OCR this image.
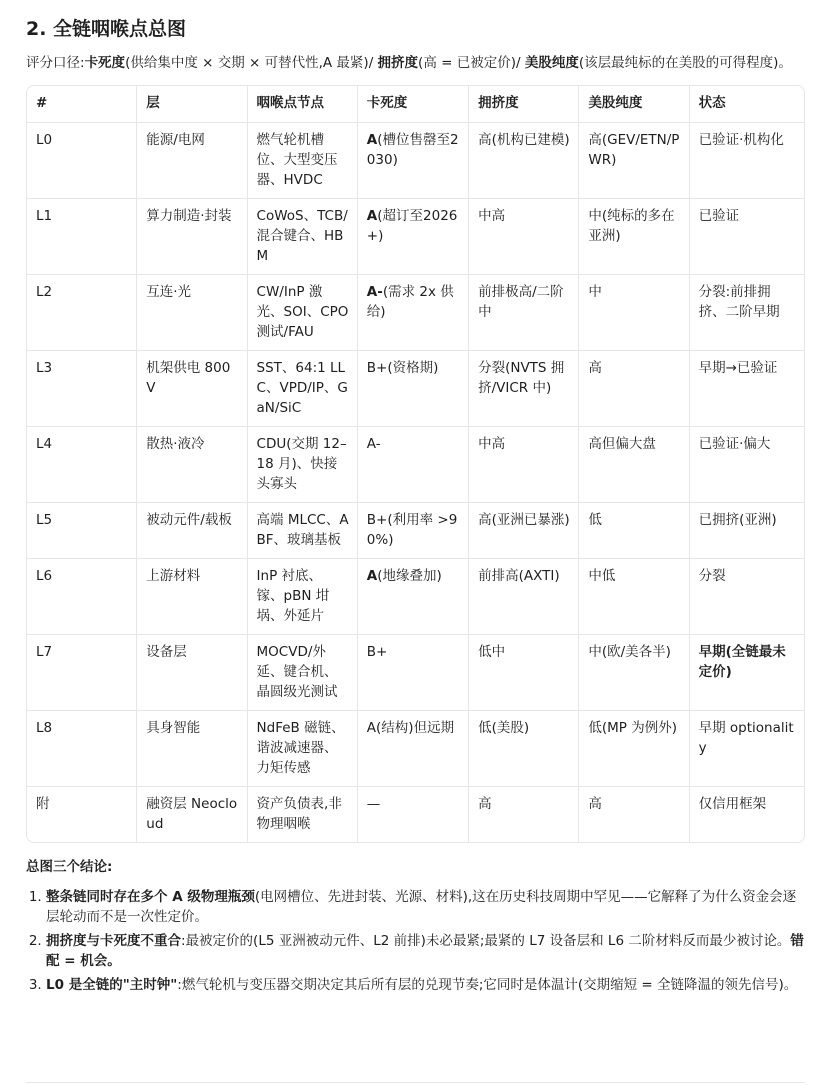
2. 全链咽喉点总图

评分口径:卡死度(供给集中度 × 交期 × 可替代性,A 最紧)/ 拥挤度(高 = 已被定价)/ 美股纯度(该层最纯标的在美股的可得程度)。

#	层	咽喉点节点	卡死度	拥挤度	美股纯度	状态
L0	能源/电网	燃气轮机槽位、大型变压器、HVDC	A(槽位售罄至2030)	高(机构已建模)	高(GEV/ETN/PWR)	已验证·机构化
L1	算力制造·封装	CoWoS、TCB/混合键合、HBM	A(超订至2026+)	中高	中(纯标的多在亚洲)	已验证
L2	互连·光	CW/InP 激光、SOI、CPO 测试/FAU	A-(需求 2x 供给)	前排极高/二阶中	中	分裂:前排拥挤、二阶早期
L3	机架供电 800V	SST、64:1 LLC、VPD/IP、GaN/SiC	B+(资格期)	分裂(NVTS 拥挤/VICR 中)	高	早期→已验证
L4	散热·液冷	CDU(交期 12–18 月)、快接头寡头	A-	中高	高但偏大盘	已验证·偏大
L5	被动元件/载板	高端 MLCC、ABF、玻璃基板	B+(利用率 >90%)	高(亚洲已暴涨)	低	已拥挤(亚洲)
L6	上游材料	InP 衬底、镓、pBN 坩埚、外延片	A(地缘叠加)	前排高(AXTI)	中低	分裂
L7	设备层	MOCVD/外延、键合机、晶圆级光测试	B+	低中	中(欧/美各半)	早期(全链最未定价)
L8	具身智能	NdFeB 磁链、谐波减速器、力矩传感	A(结构)但远期	低(美股)	低(MP 为例外)	早期 optionality
附	融资层 Neocloud	资产负债表,非物理咽喉	—	高	高	仅信用框架
总图三个结论:
1. 整条链同时存在多个 A 级物理瓶颈(电网槽位、先进封装、光源、材料),这在历史科技周期中罕见——它解释了为什么资金会逐层轮动而不是一次性定价。
2. 拥挤度与卡死度不重合:最被定价的(L5 亚洲被动元件、L2 前排)未必最紧;最紧的 L7 设备层和 L6 二阶材料反而最少被讨论。错配 = 机会。
3. L0 是全链的"主时钟":燃气轮机与变压器交期决定其后所有层的兑现节奏;它同时是体温计(交期缩短 = 全链降温的领先信号)。
